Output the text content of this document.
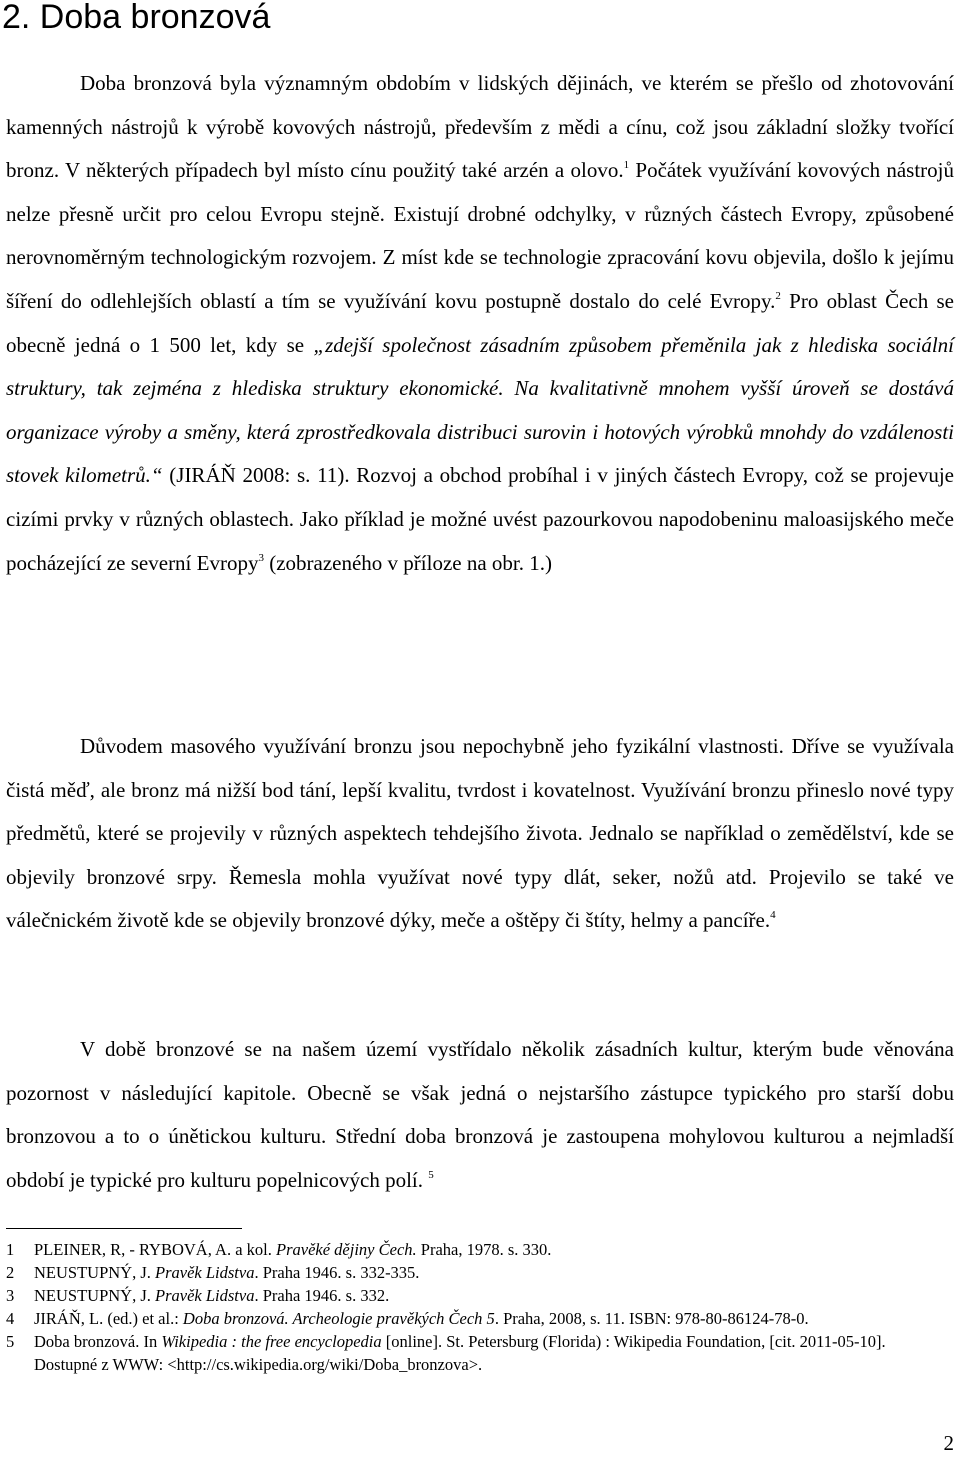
2. Doba bronzová

Doba bronzová byla významným obdobím v lidských dějinách, ve kterém se přešlo od zhotovování kamenných nástrojů k výrobě kovových nástrojů, především z mědi a cínu, což jsou základní složky tvořící bronz. V některých případech byl místo cínu použitý také arzén a olovo.$^1$ Počátek využívání kovových nástrojů nelze přesně určit pro celou Evropu stejně. Existují drobné odchylky, v různých částech Evropy, způsobené nerovnoměrným technologickým rozvojem. Z míst kde se technologie zpracování kovu objevila, došlo k jejímu šíření do odlehlejších oblastí a tím se využívání kovu postupně dostalo do celé Evropy.$^2$ Pro oblast Čech se obecně jedná o 1 500 let, kdy se „zdejší společnost zásadním způsobem přeměnila jak z hlediska sociální struktury, tak zejména z hlediska struktury ekonomické. Na kvalitativně mnohem vyšší úroveň se dostává organizace výroby a směny, která zprostředkovala distribuci surovin i hotových výrobků mnohdy do vzdálenosti stovek kilometrů.“ (JIRÁŇ 2008: s. 11). Rozvoj a obchod probíhal i v jiných částech Evropy, což se projevuje cizími prvky v různých oblastech. Jako příklad je možné uvést pazourkovou napodobeninu maloasijského meče pocházející ze severní Evropy$^3$ (zobrazeného v příloze na obr. 1.)

Důvodem masového využívání bronzu jsou nepochybně jeho fyzikální vlastnosti. Dříve se využívala čistá měď, ale bronz má nižší bod tání, lepší kvalitu, tvrdost i kovatelnost. Využívání bronzu přineslo nové typy předmětů, které se projevily v různých aspektech tehdejšího života. Jednalo se například o zemědělství, kde se objevily bronzové srpy. Řemesla mohla využívat nové typy dlát, seker, nožů atd. Projevilo se také ve válečnickém životě kde se objevily bronzové dýky, meče a oštěpy či štíty, helmy a pancíře.$^4$

V době bronzové se na našem území vystřídalo několik zásadních kultur, kterým bude věnována pozornost v následující kapitole. Obecně se však jedná o nejstaršího zástupce typického pro starší dobu bronzovou a to o únětickou kulturu. Střední doba bronzová je zastoupena mohylovou kulturou a nejmladší období je typické pro kulturu popelnicových polí. $^5$

1 PLEINER, R, - RYBOVÁ, A. a kol. Pravěké dějiny Čech. Praha, 1978. s. 330.
2 NEUSTUPNÝ, J. Pravěk Lidstva. Praha 1946. s. 332-335.
3 NEUSTUPNÝ, J. Pravěk Lidstva. Praha 1946. s. 332.
4 JIRÁŇ, L. (ed.) et al.: Doba bronzová. Archeologie pravěkých Čech 5. Praha, 2008, s. 11. ISBN: 978-80-86124-78-0.
5 Doba bronzová. In Wikipedia : the free encyclopedia [online]. St. Petersburg (Florida) : Wikipedia Foundation, [cit. 2011-05-10]. Dostupné z WWW: <http://cs.wikipedia.org/wiki/Doba_bronzova>.
2
